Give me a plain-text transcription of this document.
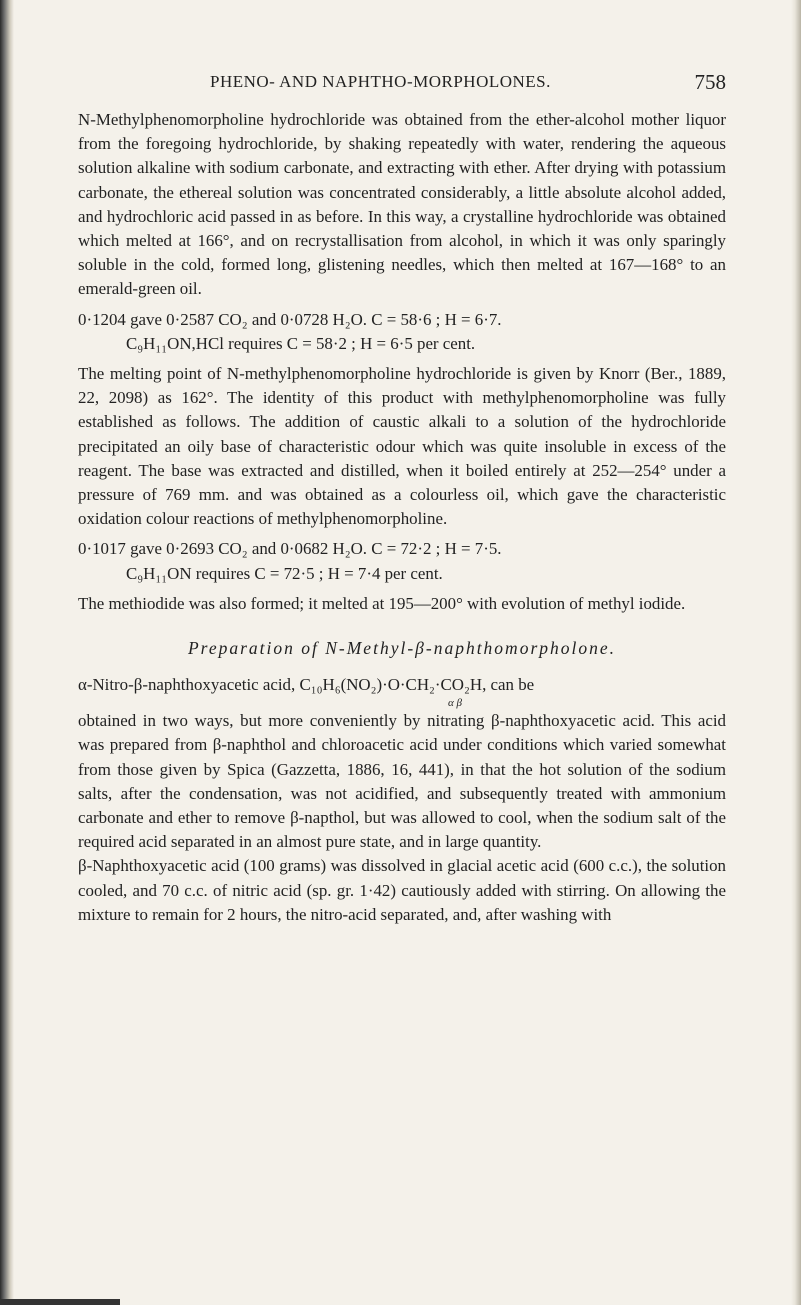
PHENO- AND NAPHTHO-MORPHOLONES.	758

N-Methylphenomorpholine hydrochloride was obtained from the ether-alcohol mother liquor from the foregoing hydrochloride, by shaking repeatedly with water, rendering the aqueous solution alkaline with sodium carbonate, and extracting with ether. After drying with potassium carbonate, the ethereal solution was concentrated considerably, a little absolute alcohol added, and hydrochloric acid passed in as before. In this way, a crystalline hydrochloride was obtained which melted at 166°, and on recrystallisation from alcohol, in which it was only sparingly soluble in the cold, formed long, glistening needles, which then melted at 167—168° to an emerald-green oil.

0·1204 gave 0·2587 CO₂ and 0·0728 H₂O. C = 58·6 ; H = 6·7.
C₉H₁₁ON,HCl requires C = 58·2 ; H = 6·5 per cent.

The melting point of N-methylphenomorpholine hydrochloride is given by Knorr (Ber., 1889, 22, 2098) as 162°. The identity of this product with methylphenomorpholine was fully established as follows. The addition of caustic alkali to a solution of the hydrochloride precipitated an oily base of characteristic odour which was quite insoluble in excess of the reagent. The base was extracted and distilled, when it boiled entirely at 252—254° under a pressure of 769 mm. and was obtained as a colourless oil, which gave the characteristic oxidation colour reactions of methylphenomorpholine.

0·1017 gave 0·2693 CO₂ and 0·0682 H₂O. C = 72·2 ; H = 7·5.
C₉H₁₁ON requires C = 72·5 ; H = 7·4 per cent.

The methiodide was also formed; it melted at 195—200° with evolution of methyl iodide.

Preparation of N-Methyl-β-naphthomorpholone.

α-Nitro-β-naphthoxyacetic acid, C₁₀H₆(NO₂)·O·CH₂·CO₂H, can be

α β

obtained in two ways, but more conveniently by nitrating β-naphthoxyacetic acid. This acid was prepared from β-naphthol and chloroacetic acid under conditions which varied somewhat from those given by Spica (Gazzetta, 1886, 16, 441), in that the hot solution of the sodium salts, after the condensation, was not acidified, and subsequently treated with ammonium carbonate and ether to remove β-napthol, but was allowed to cool, when the sodium salt of the required acid separated in an almost pure state, and in large quantity.

β-Naphthoxyacetic acid (100 grams) was dissolved in glacial acetic acid (600 c.c.), the solution cooled, and 70 c.c. of nitric acid (sp. gr. 1·42) cautiously added with stirring. On allowing the mixture to remain for 2 hours, the nitro-acid separated, and, after washing with
